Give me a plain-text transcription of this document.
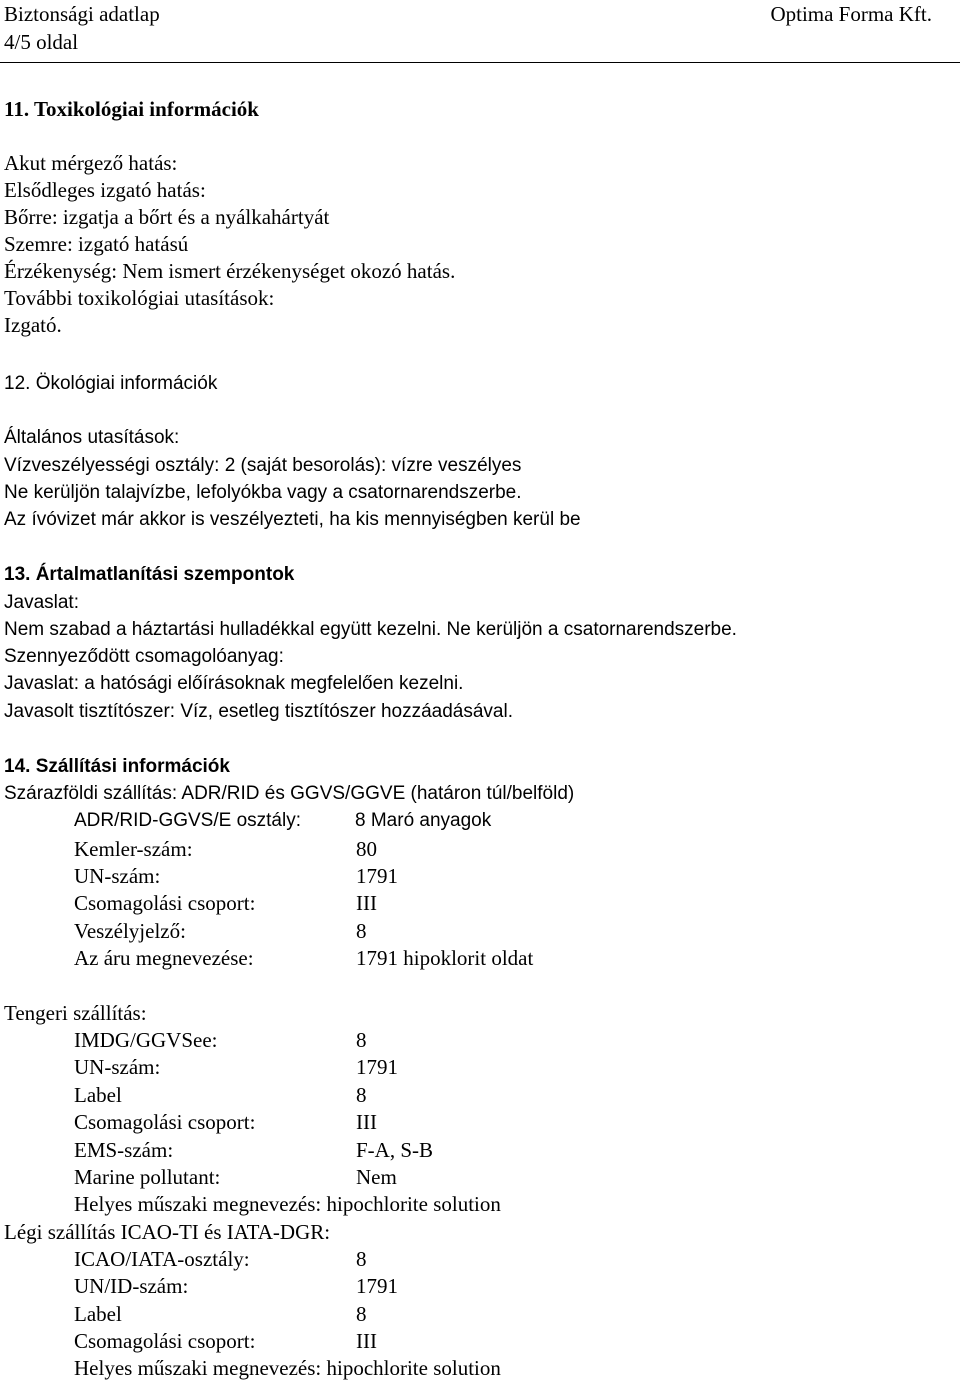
Biztonsági adatlap
4/5 oldal
Optima Forma Kft.
11. Toxikológiai információk
Akut mérgező hatás:
Elsődleges izgató hatás:
Bőrre: izgatja a bőrt és a nyálkahártyát
Szemre: izgató hatású
Érzékenység: Nem ismert érzékenységet okozó hatás.
További toxikológiai utasítások:
Izgató.
12. Ökológiai információk
Általános utasítások:
Vízveszélyességi osztály: 2 (saját besorolás): vízre veszélyes
Ne kerüljön talajvízbe, lefolyókba vagy a csatornarendszerbe.
Az ívóvizet már akkor is veszélyezteti, ha kis mennyiségben kerül be
13. Ártalmatlanítási szempontok
Javaslat:
Nem szabad a háztartási hulladékkal együtt kezelni. Ne kerüljön a csatornarendszerbe.
Szennyeződött csomagolóanyag:
Javaslat: a hatósági előírásoknak megfelelően kezelni.
Javasolt tisztítószer: Víz, esetleg tisztítószer hozzáadásával.
14. Szállítási információk
Szárazföldi szállítás: ADR/RID és GGVS/GGVE (határon túl/belföld)
ADR/RID-GGVS/E osztály:	8 Maró anyagok
Kemler-szám:	80
UN-szám:	1791
Csomagolási csoport:	III
Veszélyjelző:	8
Az áru megnevezése:	1791 hipoklorit oldat
Tengeri szállítás:
IMDG/GGVSee:	8
UN-szám:	1791
Label	8
Csomagolási csoport:	III
EMS-szám:	F-A, S-B
Marine pollutant:	Nem
Helyes műszaki megnevezés: hipochlorite solution
Légi szállítás ICAO-TI és IATA-DGR:
ICAO/IATA-osztály:	8
UN/ID-szám:	1791
Label	8
Csomagolási csoport:	III
Helyes műszaki megnevezés: hipochlorite solution
